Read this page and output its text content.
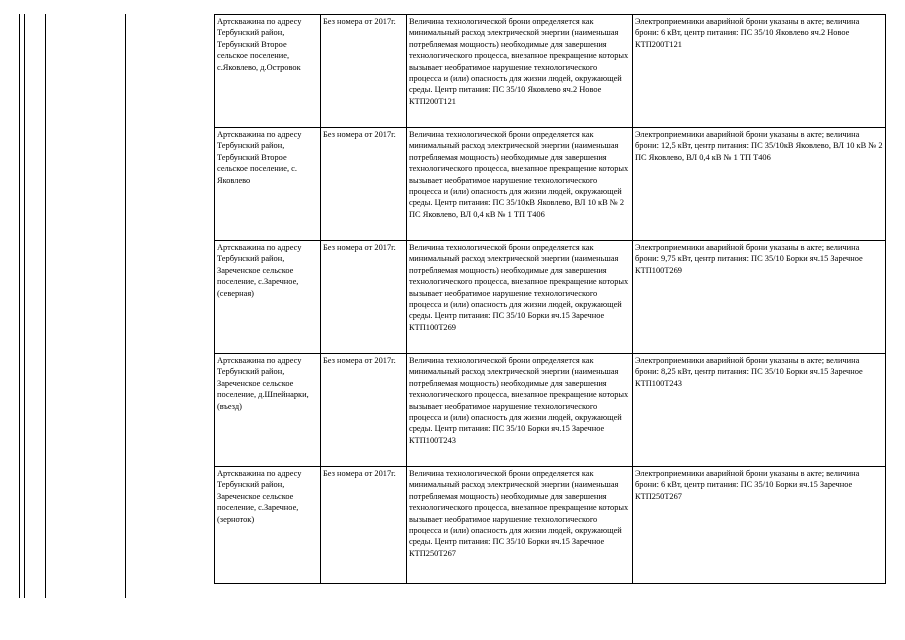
Артскважина по адресу Тербунский район, Тербунский Второе сельское поселение, с.Яковлево, д.Островок	Без номера от 2017г.	Величина технологической брони определяется как минимальный расход электрической энергии (наименьшая потребляемая мощность) необходимые для завершения технологического процесса, внезапное прекращение которых вызывает необратимое нарушение технологического процесса и (или) опасность для жизни людей, окружающей среды. Центр питания: ПС 35/10 Яковлево яч.2 Новое КТП200Т121	Электроприемники аварийной брони указаны в акте; величина брони: 6 кВт, центр питания: ПС 35/10 Яковлево яч.2 Новое КТП200Т121
Артскважина по адресу Тербунский район, Тербунский Второе сельское поселение, с. Яковлево	Без номера от 2017г.	Величина технологической брони определяется как минимальный расход электрической энергии (наименьшая потребляемая мощность) необходимые для завершения технологического процесса, внезапное прекращение которых вызывает необратимое нарушение технологического процесса и (или) опасность для жизни людей, окружающей среды. Центр питания: ПС 35/10кВ Яковлево, ВЛ 10 кВ № 2 ПС Яковлево, ВЛ 0,4 кВ № 1 ТП Т406	Электроприемники аварийной брони указаны в акте; величина брони: 12,5 кВт, центр питания: ПС 35/10кВ Яковлево, ВЛ 10 кВ № 2 ПС Яковлево, ВЛ 0,4 кВ № 1 ТП Т406
Артскважина по адресу Тербунский район, Зареченское сельское поселение, с.Заречное, (северная)	Без номера от 2017г.	Величина технологической брони определяется как минимальный расход электрической энергии (наименьшая потребляемая мощность) необходимые для завершения технологического процесса, внезапное прекращение которых вызывает необратимое нарушение технологического процесса и (или) опасность для жизни людей, окружающей среды. Центр питания: ПС 35/10 Борки яч.15 Заречное КТП100Т269	Электроприемники аварийной брони указаны в акте; величина брони: 9,75 кВт, центр питания: ПС 35/10 Борки яч.15 Заречное КТП100Т269
Артскважина по адресу Тербунский район, Зареченское сельское поселение, д.Шпейнарки, (въезд)	Без номера от 2017г.	Величина технологической брони определяется как минимальный расход электрической энергии (наименьшая потребляемая мощность) необходимые для завершения технологического процесса, внезапное прекращение которых вызывает необратимое нарушение технологического процесса и (или) опасность для жизни людей, окружающей среды. Центр питания: ПС 35/10 Борки яч.15 Заречное КТП100Т243	Электроприемники аварийной брони указаны в акте; величина брони: 8,25 кВт, центр питания: ПС 35/10 Борки яч.15 Заречное КТП100Т243
Артскважина по адресу Тербунский район, Зареченское сельское поселение, с.Заречное, (зерноток)	Без номера от 2017г.	Величина технологической брони определяется как минимальный расход электрической энергии (наименьшая потребляемая мощность) необходимые для завершения технологического процесса, внезапное прекращение которых вызывает необратимое нарушение технологического процесса и (или) опасность для жизни людей, окружающей среды. Центр питания: ПС 35/10 Борки яч.15 Заречное КТП250Т267	Электроприемники аварийной брони указаны в акте; величина брони: 6 кВт, центр питания: ПС 35/10 Борки яч.15 Заречное КТП250Т267
